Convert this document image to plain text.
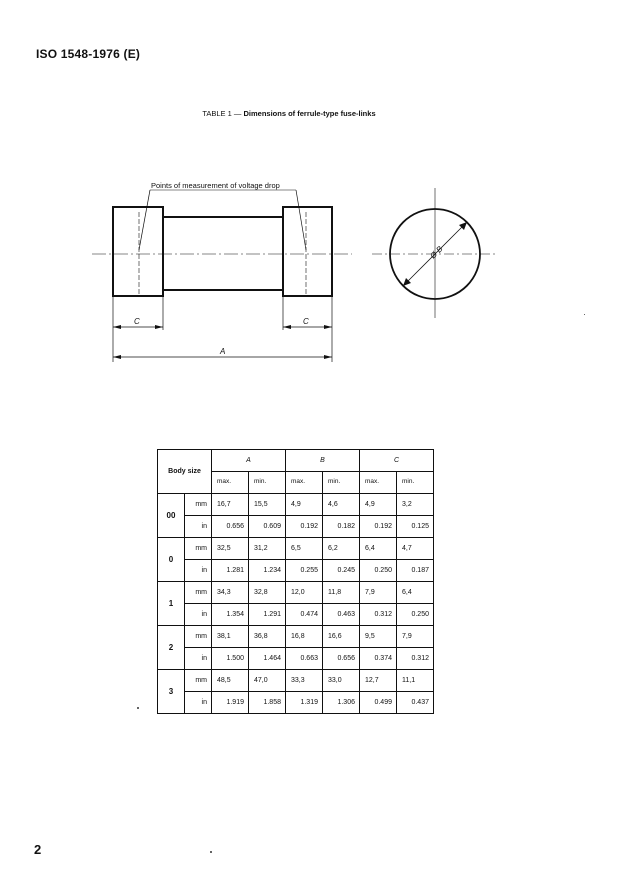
ISO 1548-1976 (E)
TABLE 1 — Dimensions of ferrule-type fuse-links
Points of measurement of voltage drop
C	C
A
Ø B
Body size		A		B		C	
		max.	min.	max.	min.	max.	min.
00	mm	16,7	15,5	4,9	4,6	4,9	3,2
	in	0.656	0.609	0.192	0.182	0.192	0.125
0	mm	32,5	31,2	6,5	6,2	6,4	4,7
	in	1.281	1.234	0.255	0.245	0.250	0.187
1	mm	34,3	32,8	12,0	11,8	7,9	6,4
	in	1.354	1.291	0.474	0.463	0.312	0.250
2	mm	38,1	36,8	16,8	16,6	9,5	7,9
	in	1.500	1.464	0.663	0.656	0.374	0.312
3	mm	48,5	47,0	33,3	33,0	12,7	11,1
	in	1.919	1.858	1.319	1.306	0.499	0.437
2
